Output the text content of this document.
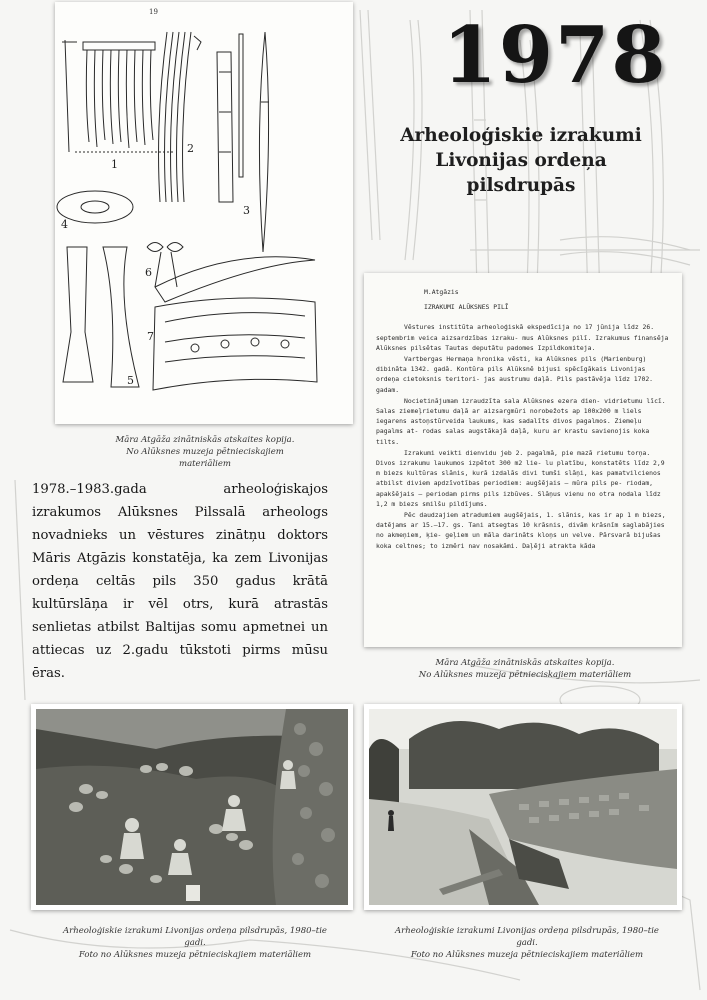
1978
Arheoloģiskie izrakumi
Livonijas ordeņa
pilsdrupās
19
1
2
3
4
5
6
7
Māra Atgāža zinātniskās atskaites kopija.
No Alūksnes muzeja pētnieciskajiem materiāliem
1978.–1983.gada arheoloģiskajos izrakumos Alūksnes Pilssalā arheologs novadnieks un vēstures zinātņu doktors Māris Atgāzis konstatēja, ka zem Livonijas ordeņa celtās pils 350 gadus krātā kultūrslāņa ir vēl otrs, kurā atrastās senlietas atbilst Baltijas somu apmetnei un attiecas uz 2.gadu tūkstoti pirms mūsu ēras.
M.Atgāzis
IZRAKUMI ALŪKSNES PILĪ

Vēstures institūta arheoloģiskā ekspedīcija no 17 jūnija līdz 26. septembrim veica aizsardzības izraku- mus Alūksnes pilī. Izrakumus finansēja Alūksnes pilsētas Tautas deputātu padomes Izpildkomiteja.

Vartbergas Hermaņa hronika vēsti, ka Alūksnes pils (Marienburg) dibināta 1342. gadā. Kontūra pils Alūksnē bijusi spēcīgākais Livonijas ordeņa cietoksnis teritori- jas austrumu daļā. Pils pastāvēja līdz 1702. gadam.

Nocietinājumam izraudzīta sala Alūksnes ezera dien- vidrietumu līcī. Salas ziemeļrietumu daļā ar aizsargmūri norobežots ap 100x200 m liels iegarens astoņstūrveida laukums, kas sadalīts divos pagalmos. Ziemeļu pagalms at- rodas salas augstākajā daļā, kuru ar krastu savienojis koka tilts.

Izrakumi veikti dienvidu jeb 2. pagalmā, pie mazā rietumu torņa. Divos izrakumu laukumos izpētot 300 m2 lie- lu platību, konstatēts līdz 2,9 m biezs kultūras slānis, kurā izdalās divi tumši slāņi, kas pamatvilcienos atbilst diviem apdzīvotības periodiem: augšējais – mūra pils pe- riodam, apakšējais – periodam pirms pils izbūves. Slāņus vienu no otra nodala līdz 1,2 m biezs smilšu pildījums.

Pēc daudzajiem atradumiem augšējais, 1. slānis, kas ir ap 1 m biezs, datējams ar 15.–17. gs. Tani atsegtas 10 krāsnis, divām krāsnīm saglabājies no akmeņiem, ķie- geļiem un māla darināts kloņs un velve. Pārsvarā bijušas koka celtnes; to izmēri nav nosakāmi. Daļēji atrakta kāda

Māra Atgāža zinātniskās atskaites kopija.
No Alūksnes muzeja pētnieciskajiem materiāliem
Arheoloģiskie izrakumi Livonijas ordeņa pilsdrupās, 1980–tie gadi.
Foto no Alūksnes muzeja pētnieciskajiem materiāliem
Arheoloģiskie izrakumi Livonijas ordeņa pilsdrupās, 1980–tie gadi.
Foto no Alūksnes muzeja pētnieciskajiem materiāliem
